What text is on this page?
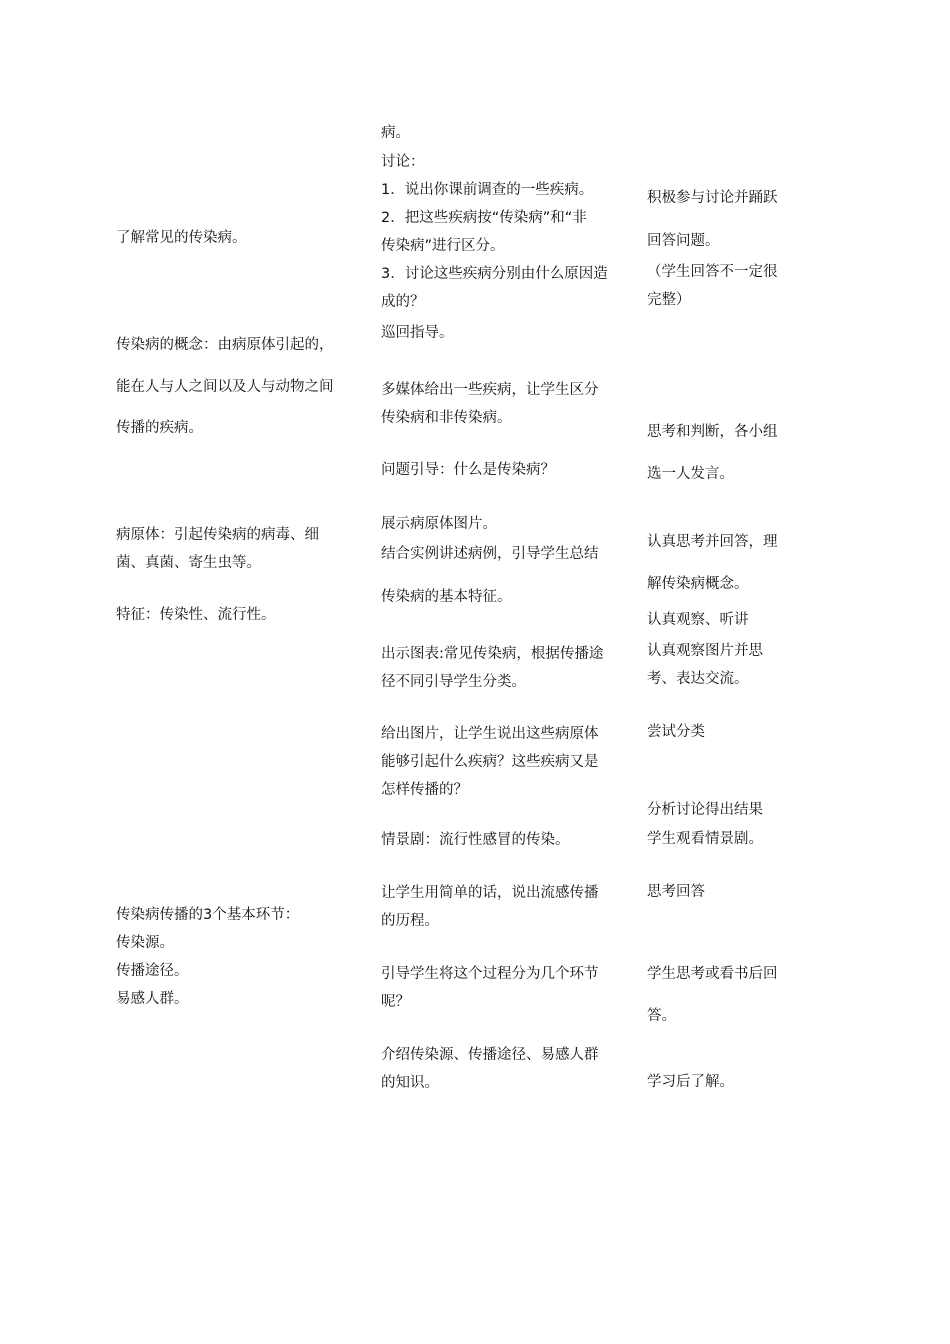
了解常见的传染病。
传染病的概念：由病原体引起的，
能在人与人之间以及人与动物之间
传播的疾病。
病原体：引起传染病的病毒、细
菌、真菌、寄生虫等。
特征：传染性、流行性。
传染病传播的3个基本环节：
传染源。
传播途径。
易感人群。
病。
讨论：
1．说出你课前调查的一些疾病。
2．把这些疾病按“传染病”和“非
传染病”进行区分。
3．讨论这些疾病分别由什么原因造
成的？
巡回指导。
多媒体给出一些疾病，让学生区分
传染病和非传染病。
问题引导：什么是传染病？
展示病原体图片。
结合实例讲述病例，引导学生总结
传染病的基本特征。
出示图表:常见传染病，根据传播途
径不同引导学生分类。
给出图片，让学生说出这些病原体
能够引起什么疾病？这些疾病又是
怎样传播的？
情景剧：流行性感冒的传染。
让学生用简单的话，说出流感传播
的历程。
引导学生将这个过程分为几个环节
呢？
介绍传染源、传播途径、易感人群
的知识。
积极参与讨论并踊跃
回答问题。
（学生回答不一定很
完整）
思考和判断，各小组
选一人发言。
认真思考并回答，理
解传染病概念。
认真观察、听讲
认真观察图片并思
考、表达交流。
尝试分类
分析讨论得出结果
学生观看情景剧。
思考回答
学生思考或看书后回
答。
学习后了解。
